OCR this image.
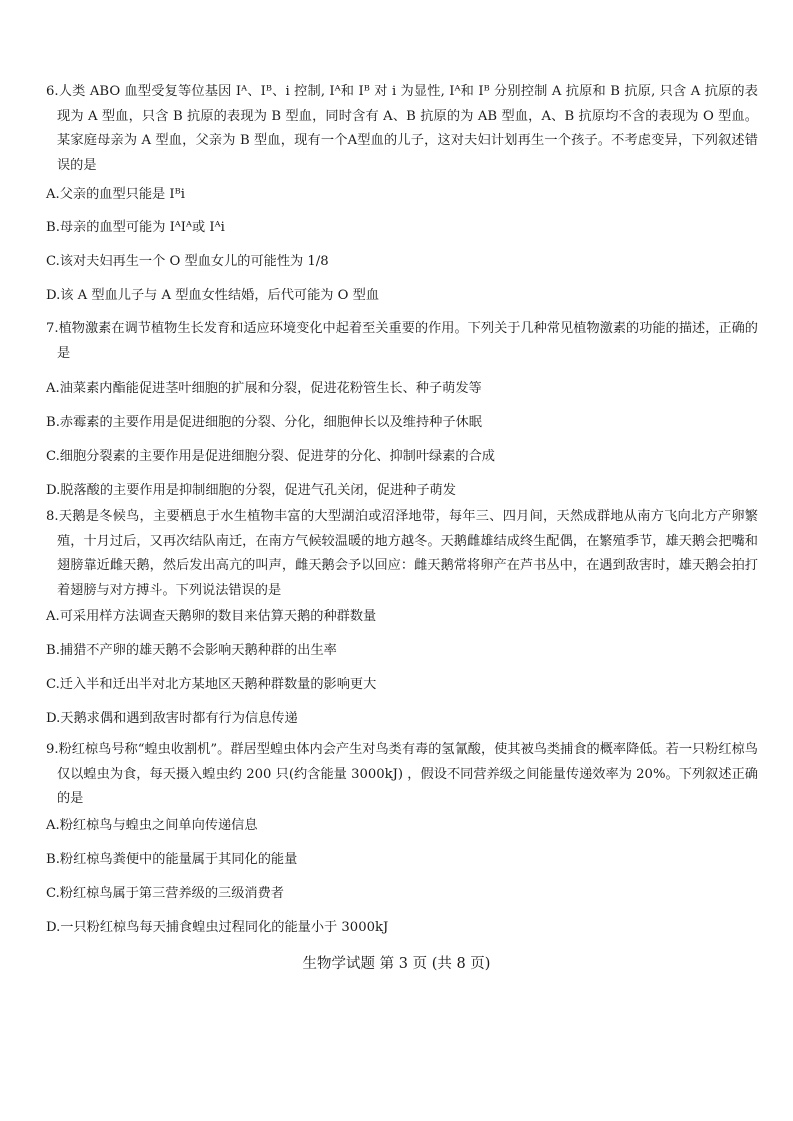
6.人类 ABO 血型受复等位基因 Iᴬ、Iᴮ、i 控制, Iᴬ和 Iᴮ 对 i 为显性, Iᴬ和 Iᴮ 分别控制 A 抗原和 B 抗原, 只含 A 抗原的表现为 A 型血，只含 B 抗原的表现为 B 型血，同时含有 A、B 抗原的为 AB 型血，A、B 抗原均不含的表现为 O 型血。某家庭母亲为 A 型血，父亲为 B 型血，现有一个A型血的儿子，这对夫妇计划再生一个孩子。不考虑变异，下列叙述错误的是

A.父亲的血型只能是 Iᴮi
B.母亲的血型可能为 IᴬIᴬ或 Iᴬi
C.该对夫妇再生一个 O 型血女儿的可能性为 1/8
D.该 A 型血儿子与 A 型血女性结婚，后代可能为 O 型血

7.植物激素在调节植物生长发育和适应环境变化中起着至关重要的作用。下列关于几种常见植物激素的功能的描述，正确的是

A.油菜素内酯能促进茎叶细胞的扩展和分裂，促进花粉管生长、种子萌发等
B.赤霉素的主要作用是促进细胞的分裂、分化，细胞伸长以及维持种子休眠
C.细胞分裂素的主要作用是促进细胞分裂、促进芽的分化、抑制叶绿素的合成
D.脱落酸的主要作用是抑制细胞的分裂，促进气孔关闭，促进种子萌发

8.天鹅是冬候鸟，主要栖息于水生植物丰富的大型湖泊或沼泽地带，每年三、四月间，天然成群地从南方飞向北方产卵繁殖，十月过后，又再次结队南迁，在南方气候较温暖的地方越冬。天鹅雌雄结成终生配偶，在繁殖季节，雄天鹅会把嘴和翅膀靠近雌天鹅，然后发出高亢的叫声，雌天鹅会予以回应：雌天鹅常将卵产在芦书丛中，在遇到敌害时，雄天鹅会拍打着翅膀与对方搏斗。下列说法错误的是

A.可采用样方法调查天鹅卵的数目来估算天鹅的种群数量
B.捕猎不产卵的雄天鹅不会影响天鹅种群的出生率
C.迁入半和迁出半对北方某地区天鹅种群数量的影响更大
D.天鹅求偶和遇到敌害时都有行为信息传递

9.粉红椋鸟号称“蝗虫收割机”。群居型蝗虫体内会产生对鸟类有毒的氢氰酸，使其被鸟类捕食的概率降低。若一只粉红椋鸟仅以蝗虫为食，每天摄入蝗虫约 200 只(约含能量 3000kJ) ，假设不同营养级之间能量传递效率为 20%。下列叙述正确的是

A.粉红椋鸟与蝗虫之间单向传递信息
B.粉红椋鸟粪便中的能量属于其同化的能量
C.粉红椋鸟属于第三营养级的三级消费者
D.一只粉红椋鸟每天捕食蝗虫过程同化的能量小于 3000kJ
生物学试题 第 3 页 (共 8 页)
